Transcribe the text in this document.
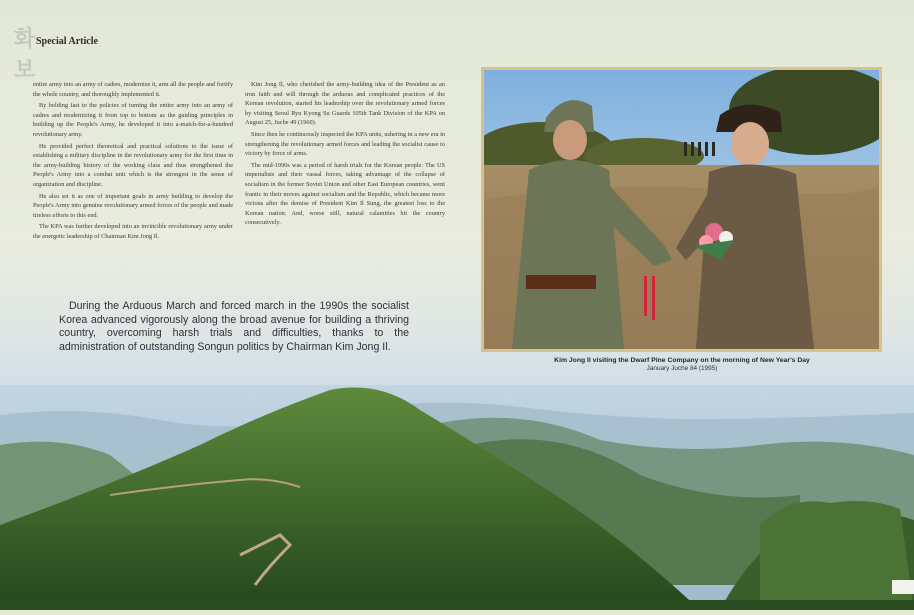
화보
Special Article

entire army into an army of cadres, modernize it, arm all the people and fortify the whole country, and thoroughly implemented it.

By holding fast to the policies of turning the entire army into an army of cadres and modernizing it from top to bottom as the guiding principles in building up the People's Army, he developed it into a-match-for-a-hundred revolutionary army.

He provided perfect theoretical and practical solutions to the issue of establishing a military discipline in the revolutionary army for the first time in the army-building history of the working class and thus strengthened the People's Army into a combat unit which is the strongest in the sense of organization and discipline.

He also set it as one of important goals in army building to develop the People's Army into genuine revolutionary armed forces of the people and made tireless efforts to this end.

The KPA was further developed into an invincible revolutionary army under the energetic leadership of Chairman Kim Jong Il.

Kim Jong Il, who cherished the army-building idea of the President as an iron faith and will through the arduous and complicated practices of the Korean revolution, started his leadership over the revolutionary armed forces by visiting Seoul Ryu Kyong Su Guards 105th Tank Division of the KPA on August 25, Juche 49 (1960).

Since then he continuously inspected the KPA units, ushering in a new era in strengthening the revolutionary armed forces and leading the socialist cause to victory by force of arms.

The mid-1990s was a period of harsh trials for the Korean people: The US imperialists and their vassal forces, taking advantage of the collapse of socialism in the former Soviet Union and other East European countries, went frantic in their moves against socialism and the Republic, which became more vicious after the demise of President Kim Il Sung, the greatest loss to the Korean nation. And, worse still, natural calamities hit the country consecutively.

During the Arduous March and forced march in the 1990s the socialist Korea advanced vigorously along the broad avenue for building a thriving country, overcoming harsh trials and difficulties, thanks to the administration of outstanding Songun politics by Chairman Kim Jong Il.
Kim Jong Il visiting the Dwarf Pine Company on the morning of New Year's Day
January Juche 84 (1995)
